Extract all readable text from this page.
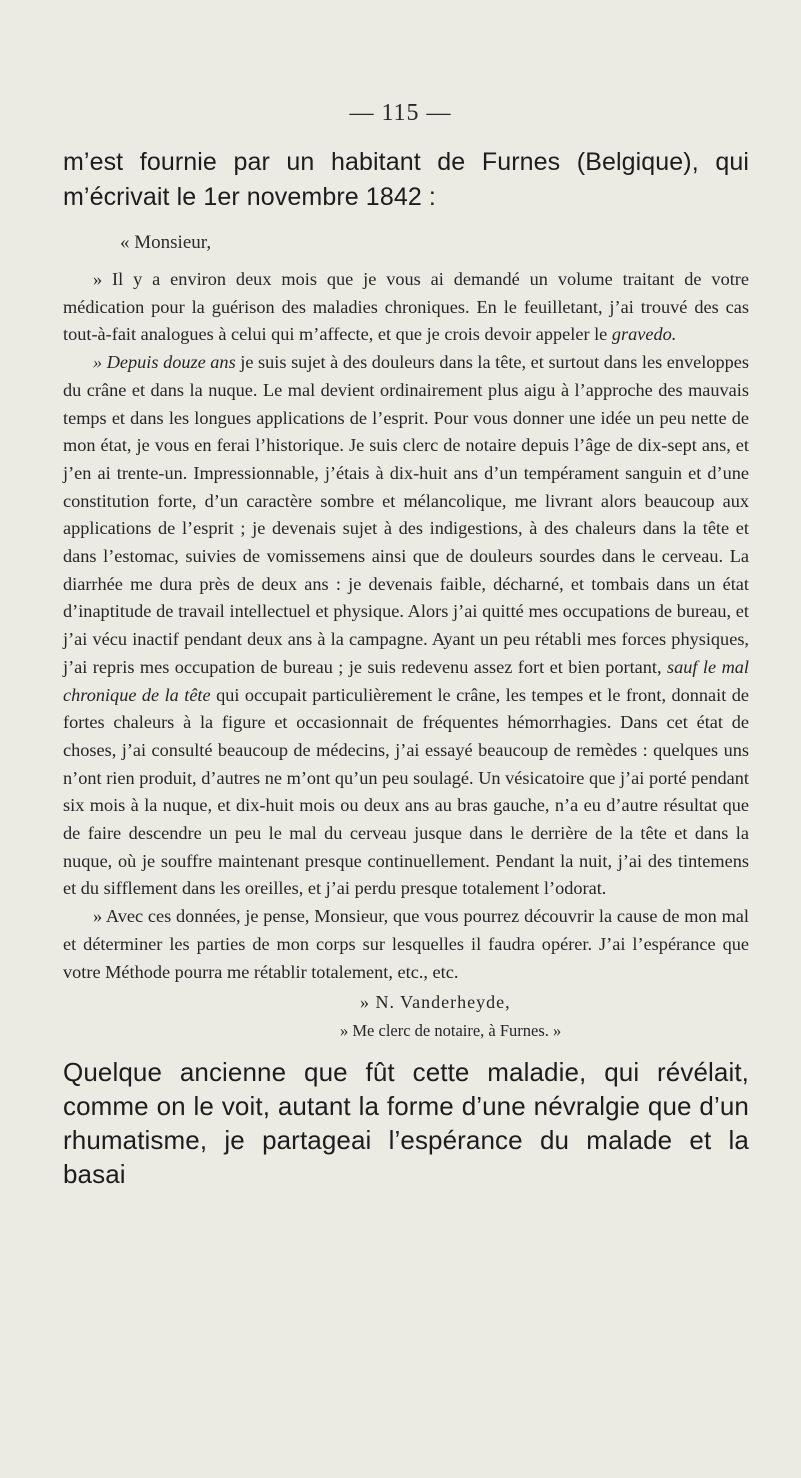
— 115 —
m’est fournie par un habitant de Furnes (Belgique), qui m’écrivait le 1er novembre 1842 :
« Monsieur,

» Il y a environ deux mois que je vous ai demandé un volume traitant de votre médication pour la guérison des maladies chroniques. En le feuilletant, j’ai trouvé des cas tout-à-fait analogues à celui qui m’affecte, et que je crois devoir appeler le gravedo.

» Depuis douze ans je suis sujet à des douleurs dans la tête, et surtout dans les enveloppes du crâne et dans la nuque. Le mal devient ordinairement plus aigu à l’approche des mauvais temps et dans les longues applications de l’esprit. Pour vous donner une idée un peu nette de mon état, je vous en ferai l’historique. Je suis clerc de notaire depuis l’âge de dix-sept ans, et j’en ai trente-un. Impressionnable, j’étais à dix-huit ans d’un tempérament sanguin et d’une constitution forte, d’un caractère sombre et mélancolique, me livrant alors beaucoup aux applications de l’esprit ; je devenais sujet à des indigestions, à des chaleurs dans la tête et dans l’estomac, suivies de vomissemens ainsi que de douleurs sourdes dans le cerveau. La diarrhée me dura près de deux ans : je devenais faible, décharné, et tombais dans un état d’inaptitude de travail intellectuel et physique. Alors j’ai quitté mes occupations de bureau, et j’ai vécu inactif pendant deux ans à la campagne. Ayant un peu rétabli mes forces physiques, j’ai repris mes occupation de bureau ; je suis redevenu assez fort et bien portant, sauf le mal chronique de la tête qui occupait particulièrement le crâne, les tempes et le front, donnait de fortes chaleurs à la figure et occasionnait de fréquentes hémorrhagies. Dans cet état de choses, j’ai consulté beaucoup de médecins, j’ai essayé beaucoup de remèdes : quelques uns n’ont rien produit, d’autres ne m’ont qu’un peu soulagé. Un vésicatoire que j’ai porté pendant six mois à la nuque, et dix-huit mois ou deux ans au bras gauche, n’a eu d’autre résultat que de faire descendre un peu le mal du cerveau jusque dans le derrière de la tête et dans la nuque, où je souffre maintenant presque continuellement. Pendant la nuit, j’ai des tintemens et du sifflement dans les oreilles, et j’ai perdu presque totalement l’odorat.

» Avec ces données, je pense, Monsieur, que vous pourrez découvrir la cause de mon mal et déterminer les parties de mon corps sur lesquelles il faudra opérer. J’ai l’espérance que votre Méthode pourra me rétablir totalement, etc., etc.

» N. Vanderheyde,
» Me clerc de notaire, à Furnes. »
Quelque ancienne que fût cette maladie, qui révélait, comme on le voit, autant la forme d’une névralgie que d’un rhumatisme, je partageai l’espérance du malade et la basai
